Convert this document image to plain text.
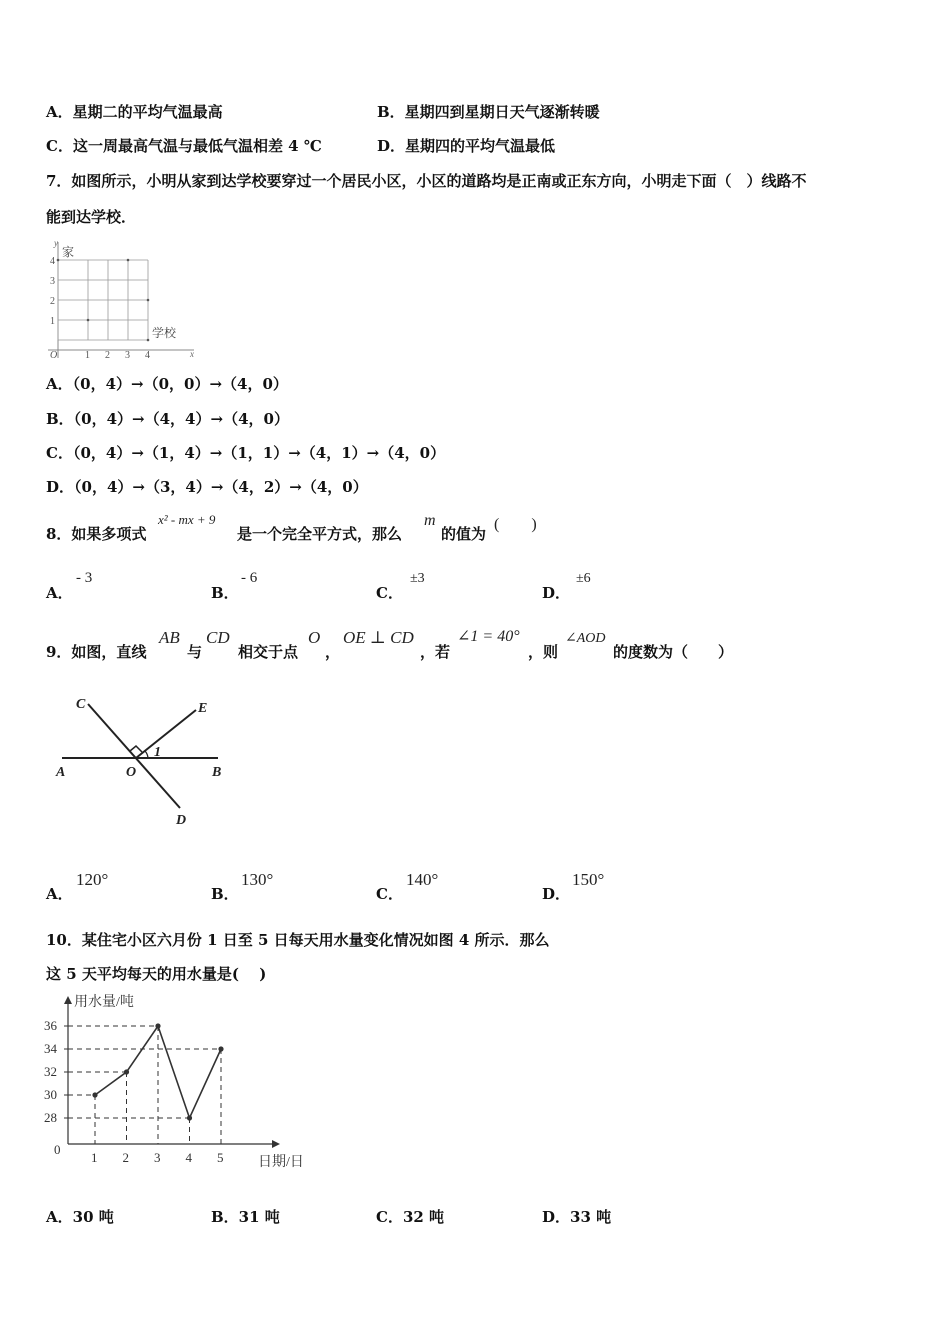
A．星期二的平均气温最高	B．星期四到星期日天气逐渐转暖
C．这一周最高气温与最低气温相差 4 ℃	D．星期四的平均气温最低
7．如图所示，小明从家到达学校要穿过一个居民小区，小区的道路均是正南或正东方向，小明走下面（　）线路不
能到达学校．
y
x
O
家
学校
1 2 3 4
1
2
3
4
A．（0，4）→（0，0）→（4，0）
B．（0，4）→（4，4）→（4，0）
C．（0，4）→（1，4）→（1，1）→（4，1）→（4，0）
D．（0，4）→（3，4）→（4，2）→（4，0）
8．如果多项式
x² - mx + 9
是一个完全平方式，那么
m
的值为
(　　)
A．
- 3
B．
- 6
C．
±3
D．
±6
9．如图，直线
AB
与
CD
相交于点
O
，
OE ⊥ CD
，若
∠1 = 40°
，则
∠AOD
的度数为（　　）
C	E
A	O	B
D
1
A．
120°
B．
130°
C．
140°
D．
150°
10．某住宅小区六月份 1 日至 5 日每天用水量变化情况如图 4 所示．那么
这 5 天平均每天的用水量是(　 )
用水量/吨
日期/日
0
28
30
32
34
36
1 2 3 4 5
A．30 吨	B．31 吨	C．32 吨	D．33 吨
